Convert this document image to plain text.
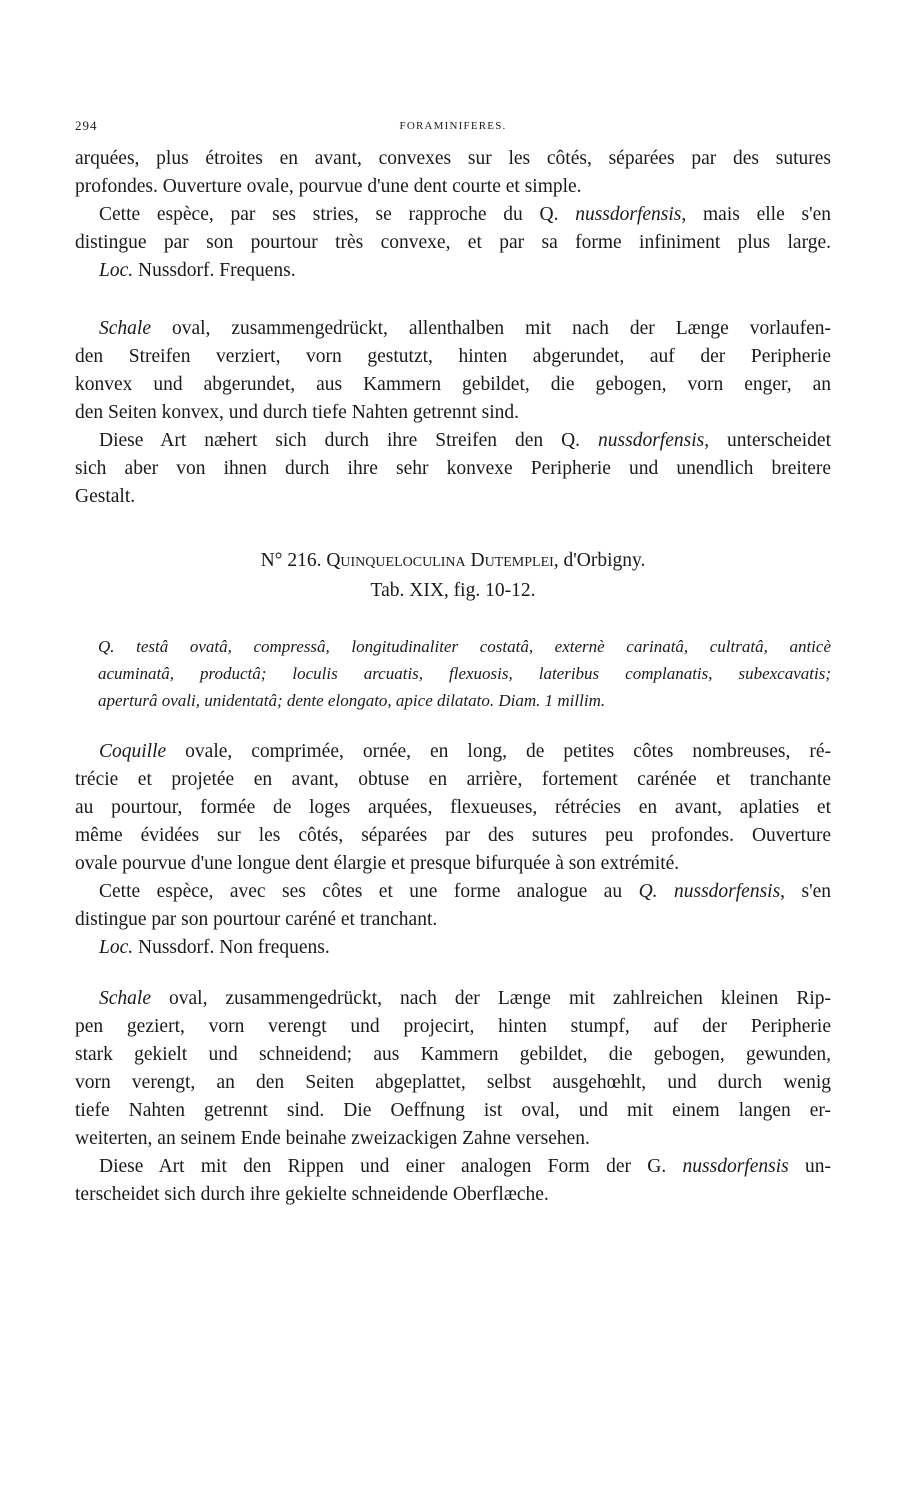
294	FORAMINIFERES.
arquées, plus étroites en avant, convexes sur les côtés, séparées par des sutures
profondes. Ouverture ovale, pourvue d'une dent courte et simple.
Cette espèce, par ses stries, se rapproche du Q. nussdorfensis, mais elle s'en
distingue par son pourtour très convexe, et par sa forme infiniment plus large.
Loc. Nussdorf. Frequens.
Schale oval, zusammengedrückt, allenthalben mit nach der Længe vorlaufen-
den Streifen verziert, vorn gestutzt, hinten abgerundet, auf der Peripherie
konvex und abgerundet, aus Kammern gebildet, die gebogen, vorn enger, an
den Seiten konvex, und durch tiefe Nahten getrennt sind.
Diese Art næhert sich durch ihre Streifen den Q. nussdorfensis, unterscheidet
sich aber von ihnen durch ihre sehr konvexe Peripherie und unendlich breitere
Gestalt.
N° 216. Quinqueloculina Dutemplei, d'Orbigny.
Tab. XIX, fig. 10-12.
Q. testâ ovatâ, compressâ, longitudinaliter costatâ, externè carinatâ, cultratâ, anticè
acuminatâ, productâ; loculis arcuatis, flexuosis, lateribus complanatis, subexcavatis;
aperturâ ovali, unidentatâ; dente elongato, apice dilatato. Diam. 1 millim.
Coquille ovale, comprimée, ornée, en long, de petites côtes nombreuses, ré-
trécie et projetée en avant, obtuse en arrière, fortement carénée et tranchante
au pourtour, formée de loges arquées, flexueuses, rétrécies en avant, aplaties et
même évidées sur les côtés, séparées par des sutures peu profondes. Ouverture
ovale pourvue d'une longue dent élargie et presque bifurquée à son extrémité.
Cette espèce, avec ses côtes et une forme analogue au Q. nussdorfensis, s'en
distingue par son pourtour caréné et tranchant.
Loc. Nussdorf. Non frequens.
Schale oval, zusammengedrückt, nach der Længe mit zahlreichen kleinen Rip-
pen geziert, vorn verengt und projecirt, hinten stumpf, auf der Peripherie
stark gekielt und schneidend; aus Kammern gebildet, die gebogen, gewunden,
vorn verengt, an den Seiten abgeplattet, selbst ausgehœhlt, und durch wenig
tiefe Nahten getrennt sind. Die Oeffnung ist oval, und mit einem langen er-
weiterten, an seinem Ende beinahe zweizackigen Zahne versehen.
Diese Art mit den Rippen und einer analogen Form der G. nussdorfensis un-
terscheidet sich durch ihre gekielte schneidende Oberflæche.
